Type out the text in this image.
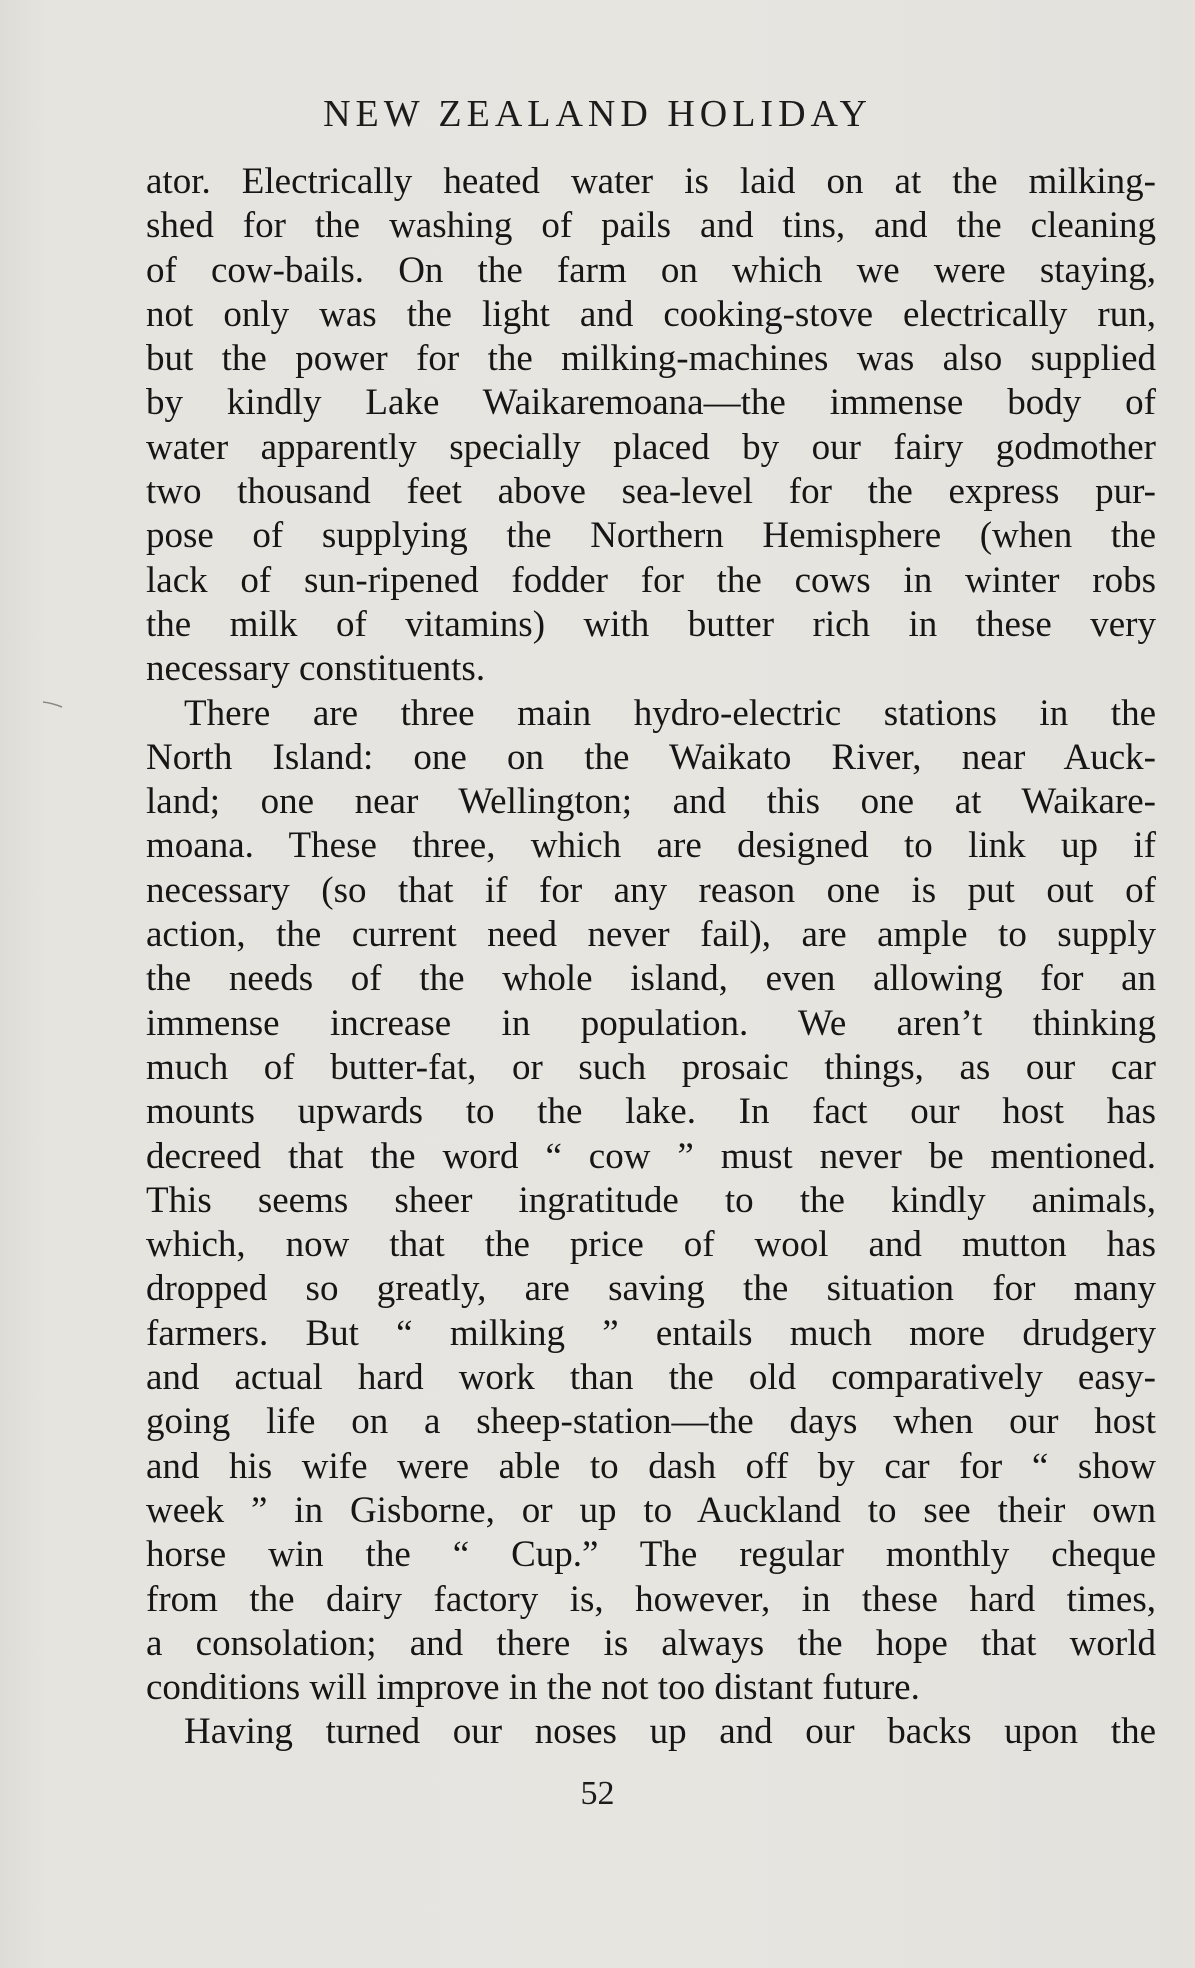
NEW ZEALAND HOLIDAY
ator. Electrically heated water is laid on at the milking-
shed for the washing of pails and tins, and the cleaning
of cow-bails. On the farm on which we were staying,
not only was the light and cooking-stove electrically run,
but the power for the milking-machines was also supplied
by kindly Lake Waikaremoana—the immense body of
water apparently specially placed by our fairy godmother
two thousand feet above sea-level for the express pur-
pose of supplying the Northern Hemisphere (when the
lack of sun-ripened fodder for the cows in winter robs
the milk of vitamins) with butter rich in these very
necessary constituents.
There are three main hydro-electric stations in the
North Island: one on the Waikato River, near Auck-
land; one near Wellington; and this one at Waikare-
moana. These three, which are designed to link up if
necessary (so that if for any reason one is put out of
action, the current need never fail), are ample to supply
the needs of the whole island, even allowing for an
immense increase in population. We aren’t thinking
much of butter-fat, or such prosaic things, as our car
mounts upwards to the lake. In fact our host has
decreed that the word “ cow ” must never be mentioned.
This seems sheer ingratitude to the kindly animals,
which, now that the price of wool and mutton has
dropped so greatly, are saving the situation for many
farmers. But “ milking ” entails much more drudgery
and actual hard work than the old comparatively easy-
going life on a sheep-station—the days when our host
and his wife were able to dash off by car for “ show
week ” in Gisborne, or up to Auckland to see their own
horse win the “ Cup.” The regular monthly cheque
from the dairy factory is, however, in these hard times,
a consolation; and there is always the hope that world
conditions will improve in the not too distant future.
Having turned our noses up and our backs upon the
52
